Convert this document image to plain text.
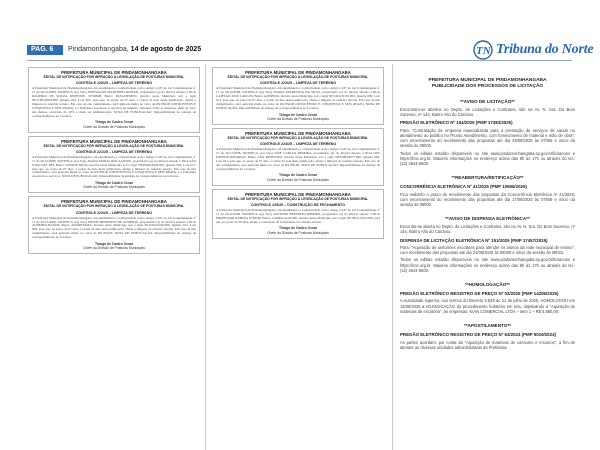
PAG. 6	Pindamonhangaba, 14 de agosto de 2025	TN Tribuna do Norte
PREFEITURA MUNICIPAL DE PINDAMONHANGABA
EDITAL DE NOTIFICAÇÃO POR INFRAÇÃO À LEGISLAÇÃO DE POSTURAS MUNICIPAL
CONTROLE 220/25 – LIMPEZA DE TERRENO
A Prefeitura Municipal de Pindamonhangaba, em atendimento e conformidade com o Artigo 2.187 de Lei Complementar nº 17 de 26/12/2008, NOTIFICA o(a) Sr(a) JOSEVALDO MARTINHO ROMAN, proprietário (a) do imóvel situado à RUA ROGÉRIO DE SOUZA REZENDE, SP/MMB, Bairro PASSATEMPO, inscrito neste Município sob a sigla NE17063.0603.000, Quadra 001, Lote 002, para que, no prazo de 07 dias, a contar da data desta publicação, efetue a limpeza do referido terreno. Em caso de não cumprimento, será aplicada multa no valor de R$ 856,00 (OITOCENTOS E CINQUENTA E SEIS REAIS), e a Prefeitura executará os serviços de limpeza, cobrando todas as despesas, além do valor das multas, acrescido de 20% a título de administração. NOTA DE PUBLICAÇÃO: Impossibilidade de entrega de correspondências no Correios.
Thiago de Castro Cesar
Chefe da Divisão de Posturas Municipais
PREFEITURA MUNICIPAL DE PINDAMONHANGABA
EDITAL DE NOTIFICAÇÃO POR INFRAÇÃO À LEGISLAÇÃO DE POSTURAS MUNICIPAL
CONTROLE 221/25 – LIMPEZA DE TERRENO
A Prefeitura Municipal de Pindamonhangaba, em atendimento e conformidade com o Artigo 2.187 de Lei Complementar nº 17 de 26/12/2008, NOTIFICA o(a) Sr(a) JOANA MARIA DOS SANTOS, proprietário (a) do imóvel situado à RUA SÃO JOÃO DEL REI, Bairro CIDADE NOVA, inscrito neste Município sob a sigla NE20020.0044.000, Quadra 004, Lote 017, para que, no prazo de 07 dias, a contar da data desta publicação, efetue a limpeza do referido terreno. Em caso de não cumprimento, será aplicada multa no valor de R$ 856,00 (OITOCENTOS E CINQUENTA E SEIS REAIS), e a Prefeitura executará os serviços. NOTA DE PUBLICAÇÃO: Impossibilidade de entrega de correspondências no Correios.
Thiago de Castro Cesar
Chefe da Divisão de Posturas Municipais
PREFEITURA MUNICIPAL DE PINDAMONHANGABA
EDITAL DE NOTIFICAÇÃO POR INFRAÇÃO À LEGISLAÇÃO DE POSTURAS MUNICIPAL
CONTROLE 222/25 – LIMPEZA DE TERRENO
A Prefeitura Municipal de Pindamonhangaba, em atendimento e conformidade com o Artigo 2.187 de Lei Complementar nº 17 de 26/12/2008, NOTIFICA o(a) Sr(a) EDSON BENEDITO DE ALMEIDA, proprietário (a) do imóvel situado à RUA ALBERTO BASSIT, Bairro ARARETAMA, inscrito neste Município sob a sigla SE11003.0218.000, Quadra 012, Lote 008, para que, no prazo de 07 dias, a contar da data desta publicação, efetue a limpeza do referido terreno. Em caso de não cumprimento, será aplicada multa no valor de R$ 856,00. NOTA DE PUBLICAÇÃO: Impossibilidade de entrega de correspondências no Correios.
Thiago de Castro Cesar
Chefe da Divisão de Posturas Municipais
PREFEITURA MUNICIPAL DE PINDAMONHANGABA
EDITAL DE NOTIFICAÇÃO POR INFRAÇÃO À LEGISLAÇÃO DE POSTURAS MUNICIPAL
CONTROLE 223/25 – LIMPEZA DE TERRENO
A Prefeitura Municipal de Pindamonhangaba, em atendimento e conformidade com o Artigo 2.187 de Lei Complementar nº 17 de 26/12/2008, NOTIFICA o(a) Sr(a) MARIA APARECIDA DA SILVA, proprietário (a) do imóvel situado à RUA CAPITÃO JOSÉ CARLOS, Bairro AZEREDO, inscrito neste Município sob a sigla NE14012.0165.000, Quadra 009, Lote 014, para que, no prazo de 07 dias, a contar da data desta publicação, efetue a limpeza do referido terreno. Em caso de não cumprimento, será aplicada multa no valor de R$ 856,00 (OITOCENTOS E CINQUENTA E SEIS REAIS). NOTA DE PUBLICAÇÃO: Impossibilidade de entrega de correspondências no Correios.
Thiago de Castro Cesar
Chefe da Divisão de Posturas Municipais
PREFEITURA MUNICIPAL DE PINDAMONHANGABA
EDITAL DE NOTIFICAÇÃO POR INFRAÇÃO À LEGISLAÇÃO DE POSTURAS MUNICIPAL
CONTROLE 224/25 – LIMPEZA DE TERRENO
A Prefeitura Municipal de Pindamonhangaba, em atendimento e conformidade com o Artigo 2.187 de Lei Complementar nº 17 de 26/12/2008, NOTIFICA o(a) Sr(a) JOSÉ CARLOS PEREIRA, proprietário (a) do imóvel situado à RUA DOS EXPEDICIONÁRIOS, Bairro SÃO BENEDITO, inscrito neste Município sob a sigla NE23004.0077.000, Quadra 003, Lote 021, para que, no prazo de 07 dias, a contar da data desta publicação, efetue a limpeza do referido terreno. Em caso de não cumprimento, será aplicada multa no valor de R$ 856,00. NOTA DE PUBLICAÇÃO: Impossibilidade de entrega de correspondências no Correios.
Thiago de Castro Cesar
Chefe da Divisão de Posturas Municipais
PREFEITURA MUNICIPAL DE PINDAMONHANGABA
EDITAL DE NOTIFICAÇÃO POR INFRAÇÃO À LEGISLAÇÃO DE POSTURAS MUNICIPAL
CONTROLE 225/25 – CONSTRUÇÃO DE FECHAMENTO
A Prefeitura Municipal de Pindamonhangaba, em atendimento e conformidade com o Artigo 2.187 de Lei Complementar nº 17 de 26/12/2008, NOTIFICA o(a) Sr(a) ANTONIO BENEDITO RIBEIRO, proprietário (a) do imóvel situado à RUA PROFESSOR RUBIÃO JÚNIOR, Bairro CAMPO ALEGRE, inscrito neste Município sob a sigla NE18011.0102.000, para que, no prazo de 30 dias, efetue a construção do fechamento do referido terreno.
Thiago de Castro Cesar
Chefe da Divisão de Posturas Municipais
PREFEITURA MUNICIPAL DE PINDAMONHANGABA
PUBLICIDADE DOS PROCESSOS DE LICITAÇÃO
**AVISO DE LICITAÇÃO**
Encontram-se abertos no Depto. de Licitações e Contratos, sito na Av. N. Sra. Do Bom Sucesso, nº 144, Bairro Alto do Cardoso.
PREGÃO ELETRÔNICO Nº 104/2025 (PMP 17383/2025)
Para: "Contratação de empresa especializada para a prestação de serviços de saúde no atendimento ao público no Pronto Atendimento, com fornecimento de material e mão de obra", com encerramento do recebimento das propostas até dia 28/08/2025 às 07h59 e início da sessão às 08h00.
Todos os editais estarão disponíveis no site www.pindamonhangaba.sp.gov.br/licitacoes e https://bnc.org.br. Maiores informações no endereço acima das 8h às 17h ou através do tel.: (12) 3644-5600.
**REABERTURA/RETIFICAÇÃO**
CONCORRÊNCIA ELETRÔNICA Nº 41/2025 (PMP 10596/2025)
Fica reaberto o prazo de recebimento das propostas da Concorrência Eletrônica nº 41/2025, com encerramento do recebimento das propostas até dia 17/09/2025 às 07h59 e início da sessão às 08h00.
**AVISO DE DISPENSA ELETRÔNICA**
Encontra-se aberta no Depto. de Licitações e Contratos, sito na Av. N. Sra. Do Bom Sucesso, nº 144, Bairro Alto do Cardoso.
DISPENSA DE LICITAÇÃO ELETRÔNICA Nº 151/2025 (PMP 17457/2025)
Para: "Aquisição de uniformes escolares para atender os alunos da rede municipal de ensino", com recebimento das propostas até dia 21/08/2025 às 08h00 e início da sessão às 08h01.
Todos os editais estarão disponíveis no site www.pindamonhangaba.sp.gov.br/licitacoes e https://bnc.org.br. Maiores informações no endereço acima das 8h às 17h ou através do tel.: (12) 3644-5600.
**HOMOLOGAÇÃO**
PREGÃO ELETRÔNICO REGISTRO DE PREÇO Nº 02/2025 (PMP 14206/2025)
A Autoridade superior, nos termos do Decreto 5.828 de 21 de julho de 2020, HOMOLOGOU em 13/08/2025 a ADJUDICAÇÃO do procedimento licitatório em tela, objetivando a "Aquisição de materiais de escritório", às empresas: KIAN COMERCIAL LTDA – item 1 – R$ 4.850,00.
**APOSTILAMENTO**
PREGÃO ELETRÔNICO REGISTRO DE PREÇO Nº 63/2024 (PMP 5019/2024)
As partes acordam, por conta da "Aquisição de materiais de consumo e insumos", a fim de atender as diversas unidades administrativas da Prefeitura.
